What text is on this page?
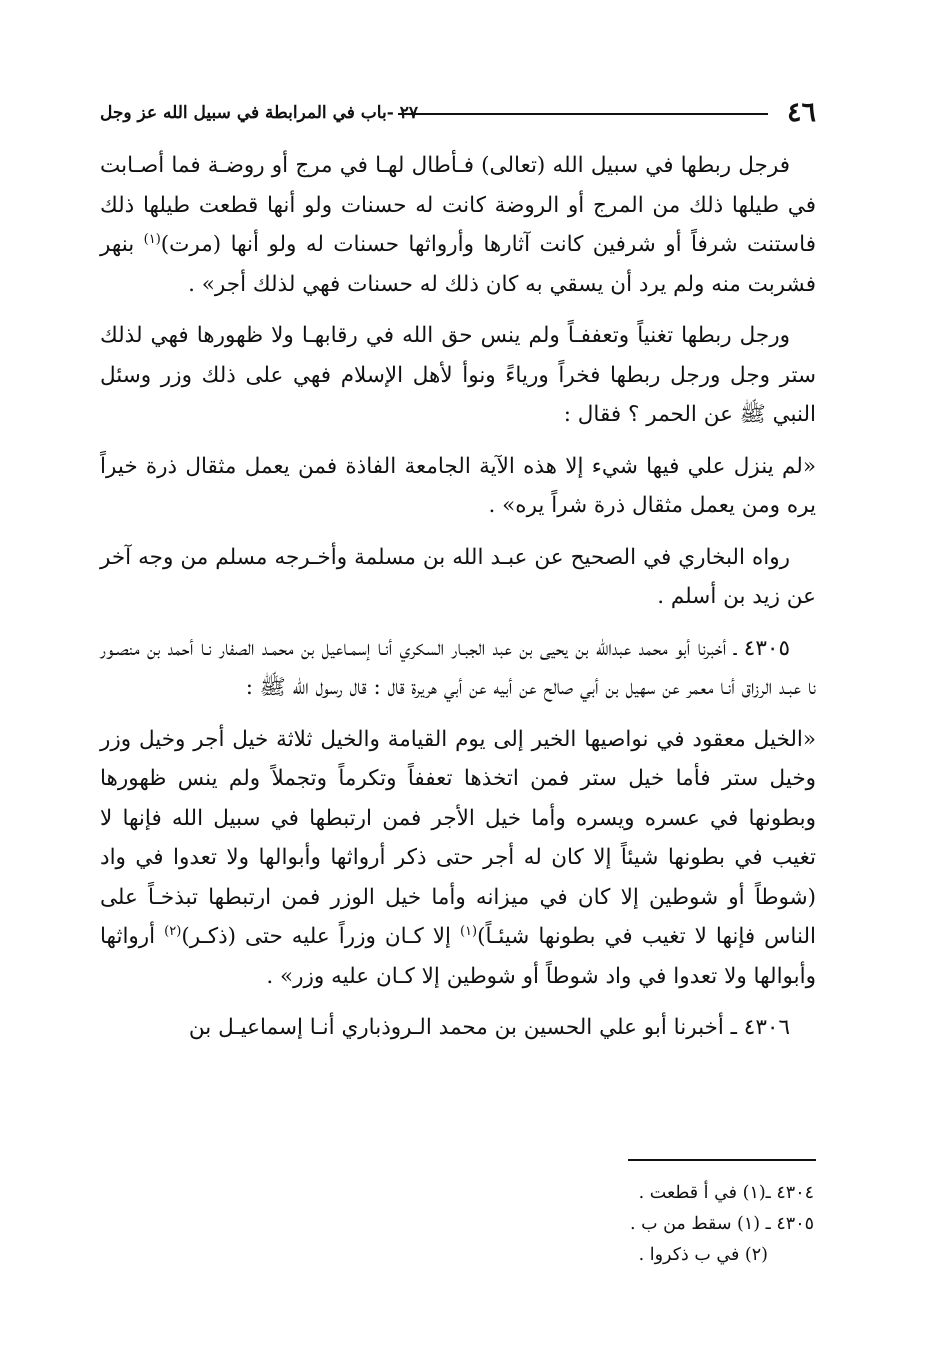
٤٦
٢٧ -باب في المرابطة في سبيل الله عز وجل

فرجل ربطها في سبيل الله (تعالى) فـأطال لهـا في مرج أو روضـة فما أصـابت في طيلها ذلك من المرج أو الروضة كانت له حسنات ولو أنها قطعت طيلها ذلك فاستنت شرفاً أو شرفين كانت آثارها وأرواثها حسنات له ولو أنها (مرت)$^{(١)}$ بنهر فشربت منه ولم يرد أن يسقي به كان ذلك له حسنات فهي لذلك أجر» .

ورجل ربطها تغنياً وتعففـاً ولم ينس حق الله في رقابهـا ولا ظهورها فهي لذلك ستر وجل ورجل ربطها فخراً ورياءً ونوأ لأهل الإسلام فهي على ذلك وزر وسئل النبي ﷺ عن الحمر ؟ فقال :

«لم ينزل علي فيها شيء إلا هذه الآية الجامعة الفاذة فمن يعمل مثقال ذرة خيراً يره ومن يعمل مثقال ذرة شراً يره» .

رواه البخاري في الصحيح عن عبـد الله بن مسلمة وأخـرجه مسلم من وجه آخر عن زيد بن أسلم .

٤٣٠٥ ـ أخبرنا أبو محمد عبدالله بن يحيى بن عبد الجبـار السكري أنـا إسمـاعيل بن محمـد الصفار نـا أحمد بن منصـور نا عبـد الرزاق أنـا معمر عن سهيل بن أبي صالح عن أبيه عن أبي هريرة قال : قال رسول الله ﷺ :

«الخيل معقود في نواصيها الخير إلى يوم القيامة والخيل ثلاثة خيل أجر وخيل وزر وخيل ستر فأما خيل ستر فمن اتخذها تعففاً وتكرماً وتجملاً ولم ينس ظهورها وبطونها في عسره ويسره وأما خيل الأجر فمن ارتبطها في سبيل الله فإنها لا تغيب في بطونها شيئاً إلا كان له أجر حتى ذكر أرواثها وأبوالها ولا تعدوا في واد (شوطاً أو شوطين إلا كان في ميزانه وأما خيل الوزر فمن ارتبطها تبذخـاً على الناس فإنها لا تغيب في بطونها شيئـاً)$^{(١)}$ إلا كـان وزراً عليه حتى (ذكـر)$^{(٢)}$ أرواثها وأبوالها ولا تعدوا في واد شوطاً أو شوطين إلا كـان عليه وزر» .

٤٣٠٦ ـ أخبرنا أبو علي الحسين بن محمد الـروذباري أنـا إسماعيـل بن

٤٣٠٤ ـ(١) في أ قطعت .
٤٣٠٥ ـ (١) سقط من ب .
(٢) في ب ذكروا .
